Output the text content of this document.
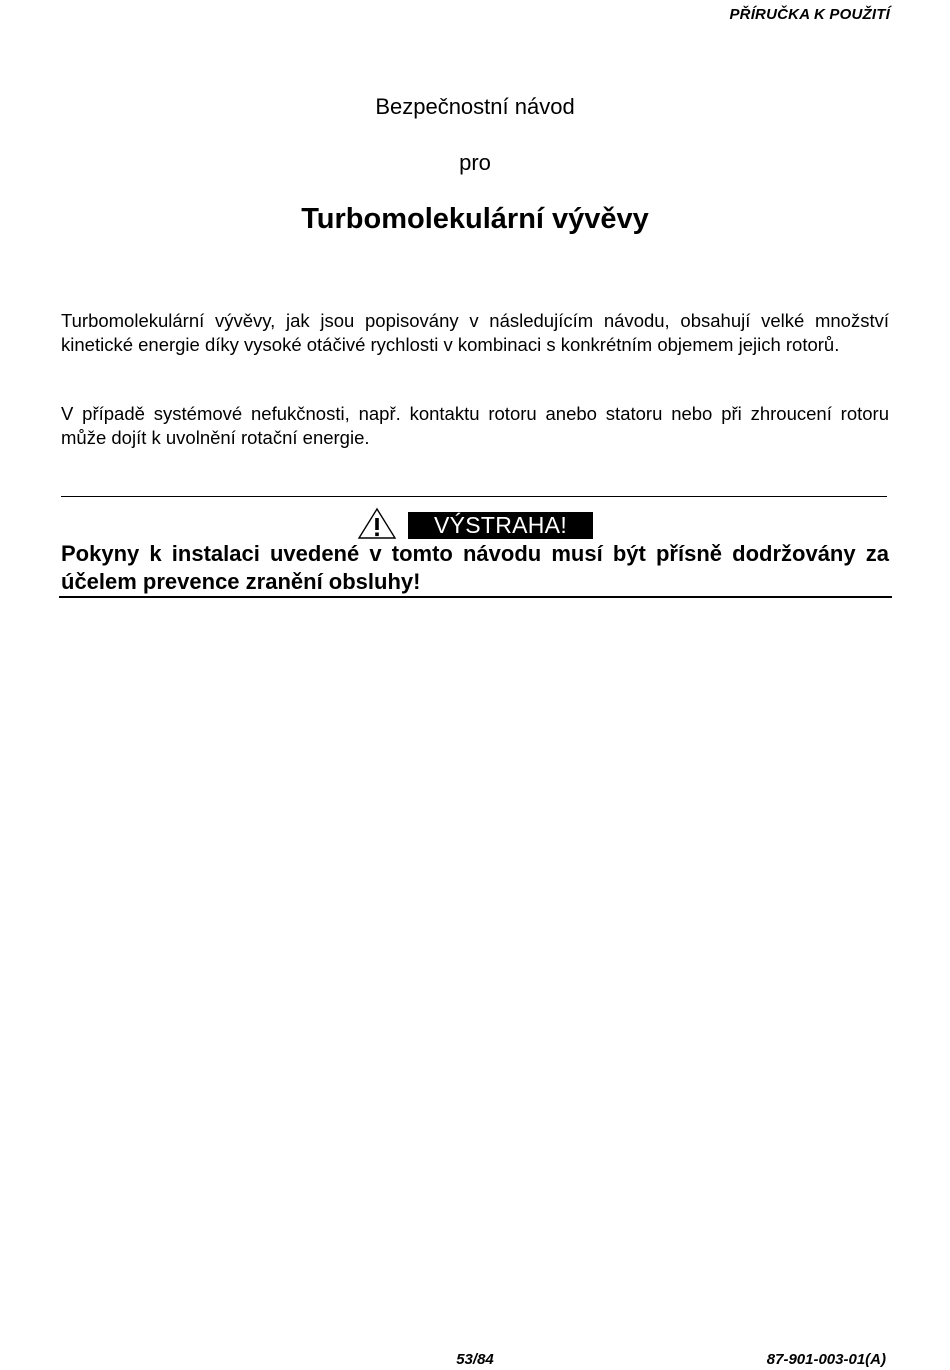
PŘÍRUČKA K POUŽITÍ
Bezpečnostní návod
pro
Turbomolekulární vývěvy
Turbomolekulární vývěvy, jak jsou popisovány v následujícím návodu, obsahují velké množství kinetické energie díky vysoké otáčivé rychlosti v kombinaci s konkrétním objemem jejich rotorů.
V případě systémové nefukčnosti, např. kontaktu rotoru anebo statoru nebo při zhroucení rotoru může dojít k uvolnění rotační energie.
VÝSTRAHA!
Pokyny k instalaci uvedené v tomto návodu musí být přísně dodržovány za účelem prevence zranění obsluhy!
53/84	87-901-003-01(A)
